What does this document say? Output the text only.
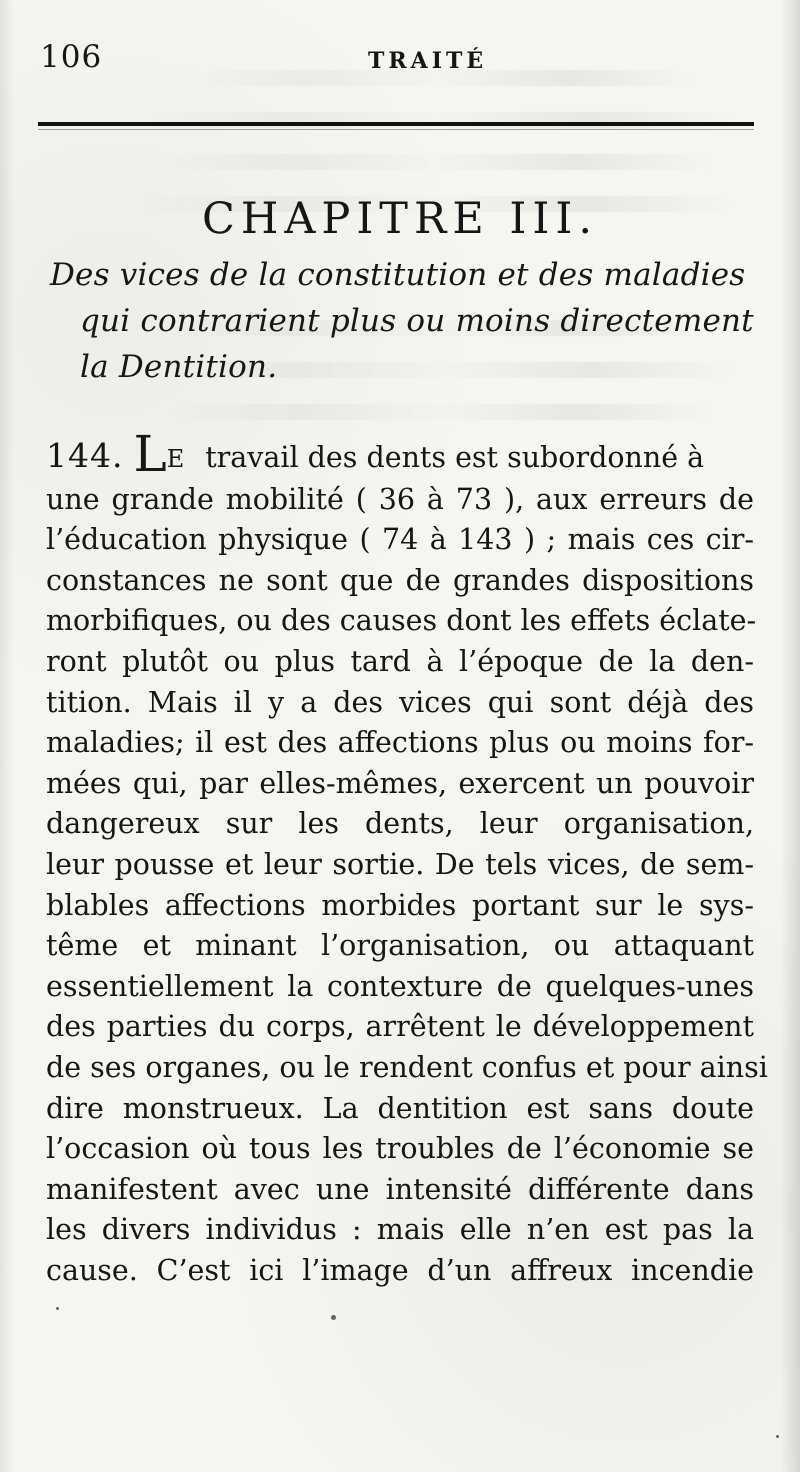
106	TRAITÉ
CHAPITRE III.
Des vices de la constitution et des maladies
qui contrarient plus ou moins directement
la Dentition.
144. LE travail des dents est subordonné à
une grande mobilité ( 36 à 73 ), aux erreurs de
l’éducation physique ( 74 à 143 ) ; mais ces cir-
constances ne sont que de grandes dispositions
morbifiques, ou des causes dont les effets éclate-
ront plutôt ou plus tard à l’époque de la den-
tition. Mais il y a des vices qui sont déjà des
maladies; il est des affections plus ou moins for-
mées qui, par elles-mêmes, exercent un pouvoir
dangereux sur les dents, leur organisation,
leur pousse et leur sortie. De tels vices, de sem-
blables affections morbides portant sur le sys-
tême et minant l’organisation, ou attaquant
essentiellement la contexture de quelques-unes
des parties du corps, arrêtent le développement
de ses organes, ou le rendent confus et pour ainsi
dire monstrueux. La dentition est sans doute
l’occasion où tous les troubles de l’économie se
manifestent avec une intensité différente dans
les divers individus : mais elle n’en est pas la
cause. C’est ici l’image d’un affreux incendie
